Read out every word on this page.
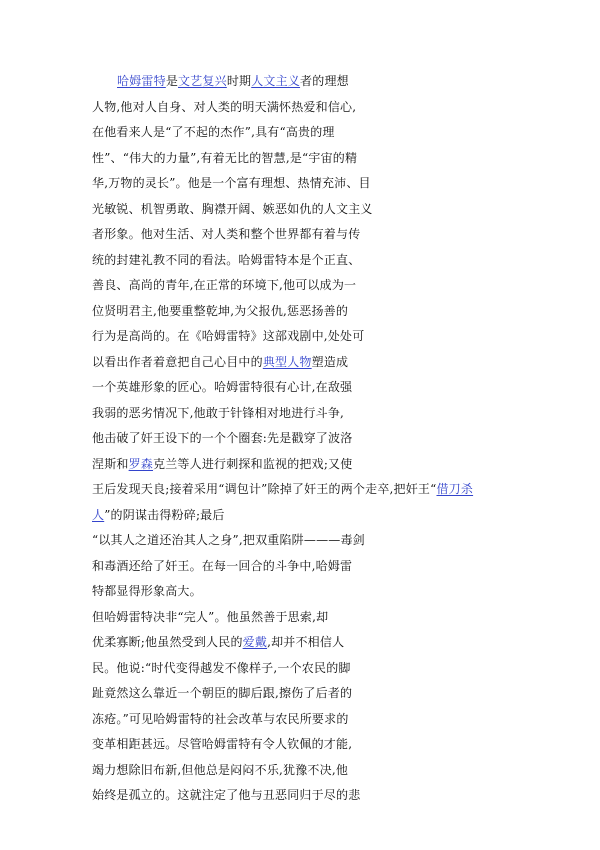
哈姆雷特是文艺复兴时期人文主义者的理想
人物,他对人自身、对人类的明天满怀热爱和信心,
在他看来人是“了不起的杰作”,具有“高贵的理
性”、“伟大的力量”,有着无比的智慧,是“宇宙的精
华,万物的灵长”。他是一个富有理想、热情充沛、目
光敏锐、机智勇敢、胸襟开阔、嫉恶如仇的人文主义
者形象。他对生活、对人类和整个世界都有着与传
统的封建礼教不同的看法。哈姆雷特本是个正直、
善良、高尚的青年,在正常的环境下,他可以成为一
位贤明君主,他要重整乾坤,为父报仇,惩恶扬善的
行为是高尚的。在《哈姆雷特》这部戏剧中,处处可
以看出作者着意把自己心目中的典型人物塑造成
一个英雄形象的匠心。哈姆雷特很有心计,在敌强
我弱的恶劣情况下,他敢于针锋相对地进行斗争,
他击破了奸王设下的一个个圈套:先是戳穿了波洛
涅斯和罗森克兰等人进行刺探和监视的把戏;又使
王后发现天良;接着采用“调包计”除掉了奸王的两个走卒,把奸王“借刀杀
人”的阴谋击得粉碎;最后
“以其人之道还治其人之身”,把双重陷阱———毒剑
和毒酒还给了奸王。在每一回合的斗争中,哈姆雷
特都显得形象高大。
但哈姆雷特决非“完人”。他虽然善于思索,却
优柔寡断;他虽然受到人民的爱戴,却并不相信人
民。他说:“时代变得越发不像样子,一个农民的脚
趾竟然这么靠近一个朝臣的脚后跟,擦伤了后者的
冻疮。”可见哈姆雷特的社会改革与农民所要求的
变革相距甚远。尽管哈姆雷特有令人钦佩的才能,
竭力想除旧布新,但他总是闷闷不乐,犹豫不决,他
始终是孤立的。这就注定了他与丑恶同归于尽的悲
